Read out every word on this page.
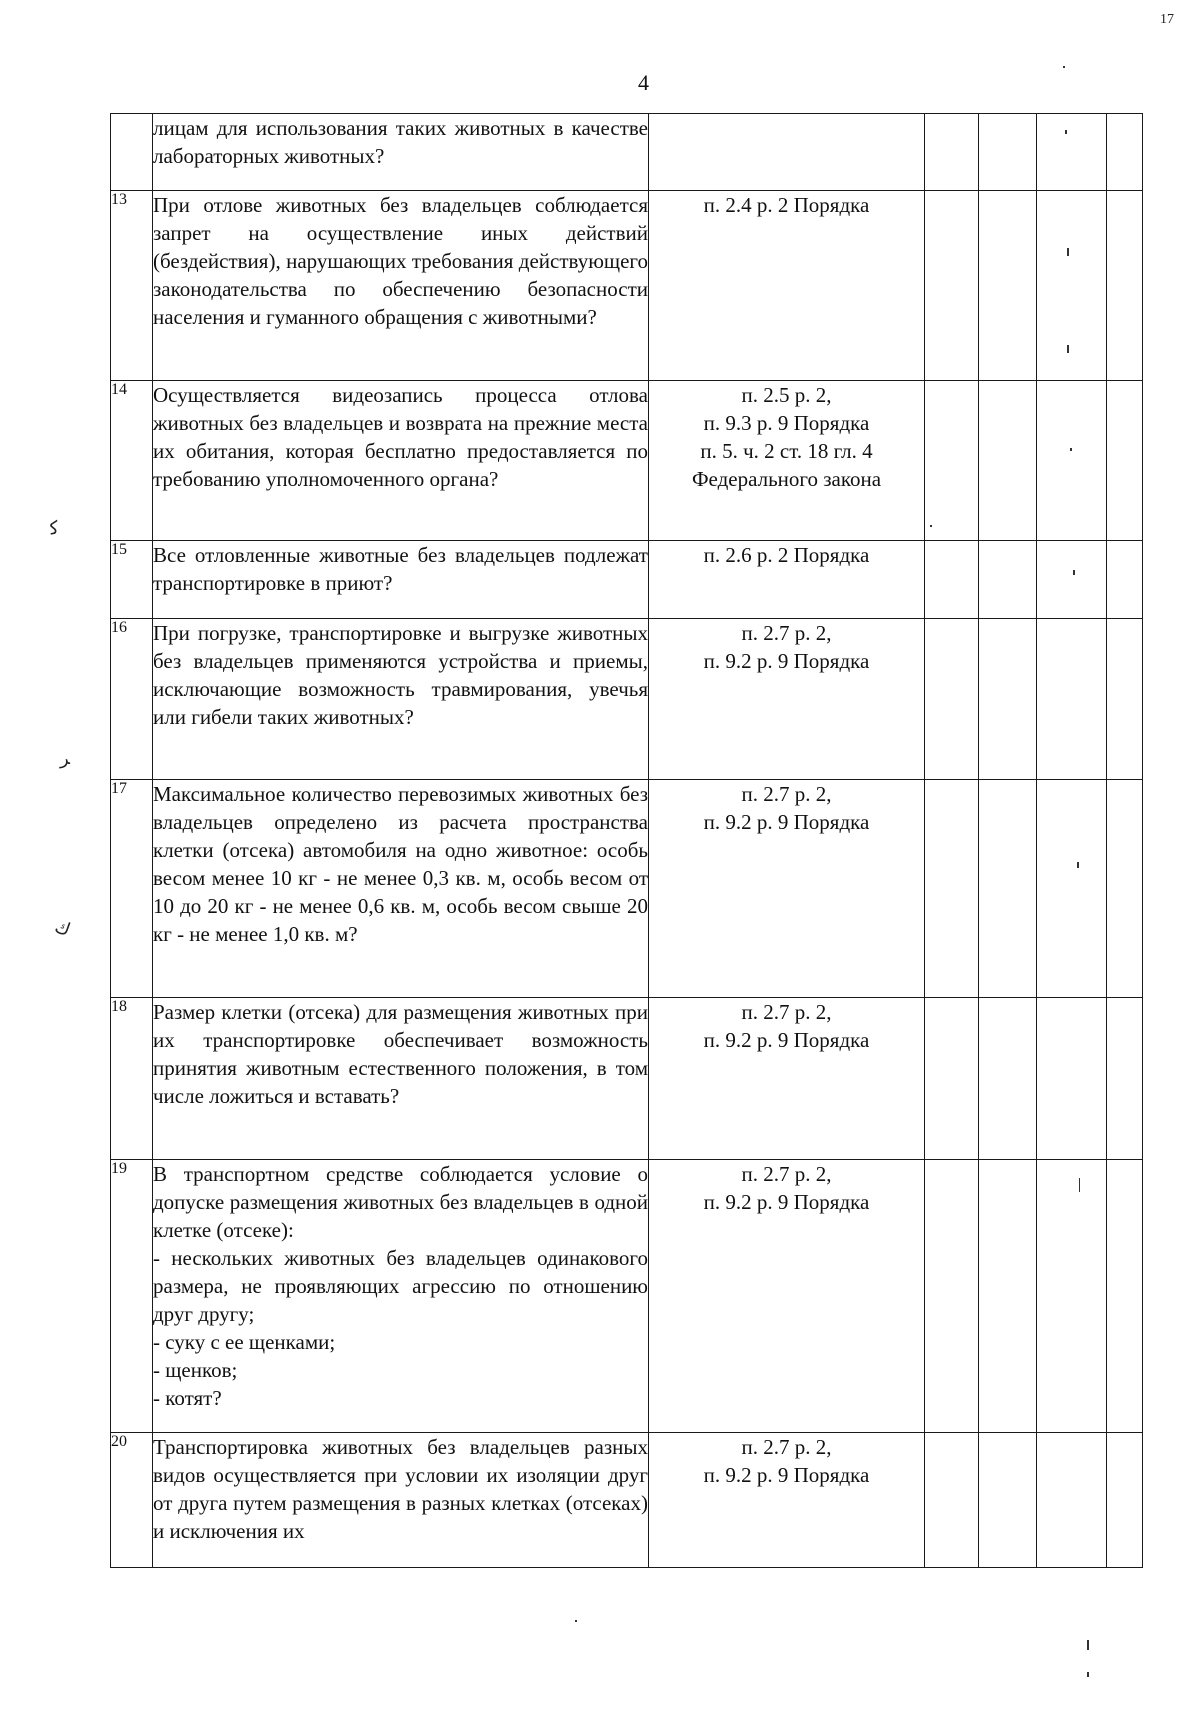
17
4
ﮐ
ﺮ
ﻙ
	лицам для использования таких животных в качестве лабораторных животных?					
13	При отлове животных без владельцев соблюдается запрет на осуществление иных действий (бездействия), нарушающих требования действующего законодательства по обеспечению безопасности населения и гуманного обращения с животными?	п. 2.4 р. 2 Порядка				

14	Осуществляется видеозапись процесса отлова животных без владельцев и возврата на прежние места их обитания, которая бесплатно предоставляется по требованию уполномоченного органа?	п. 2.5 р. 2,
п. 9.3 р. 9 Порядка
п. 5. ч. 2 ст. 18 гл. 4
Федерального закона				

15	Все отловленные животные без владельцев подлежат транспортировке в приют?	п. 2.6 р. 2 Порядка				

16	При погрузке, транспортировке и выгрузке животных без владельцев применяются устройства и приемы, исключающие возможность травмирования, увечья или гибели таких животных?	п. 2.7 р. 2,
п. 9.2 р. 9 Порядка				

17	Максимальное количество перевозимых животных без владельцев определено из расчета пространства клетки (отсека) автомобиля на одно животное: особь весом менее 10 кг - не менее 0,3 кв. м, особь весом от 10 до 20 кг - не менее 0,6 кв. м, особь весом свыше 20 кг - не менее 1,0 кв. м?	п. 2.7 р. 2,
п. 9.2 р. 9 Порядка				

18	Размер клетки (отсека) для размещения животных при их транспортировке обеспечивает возможность принятия животным естественного положения, в том числе ложиться и вставать?	п. 2.7 р. 2,
п. 9.2 р. 9 Порядка				

19	В транспортном средстве соблюдается условие о допуске размещения животных без владельцев в одной клетке (отсеке):
- нескольких животных без владельцев одинакового размера, не проявляющих агрессию по отношению друг другу;
- суку с ее щенками;
- щенков;
- котят?	п. 2.7 р. 2,
п. 9.2 р. 9 Порядка				

20	Транспортировка животных без владельцев разных видов осуществляется при условии их изоляции друг от друга путем размещения в разных клетках (отсеках) и исключения их	п. 2.7 р. 2,
п. 9.2 р. 9 Порядка				
